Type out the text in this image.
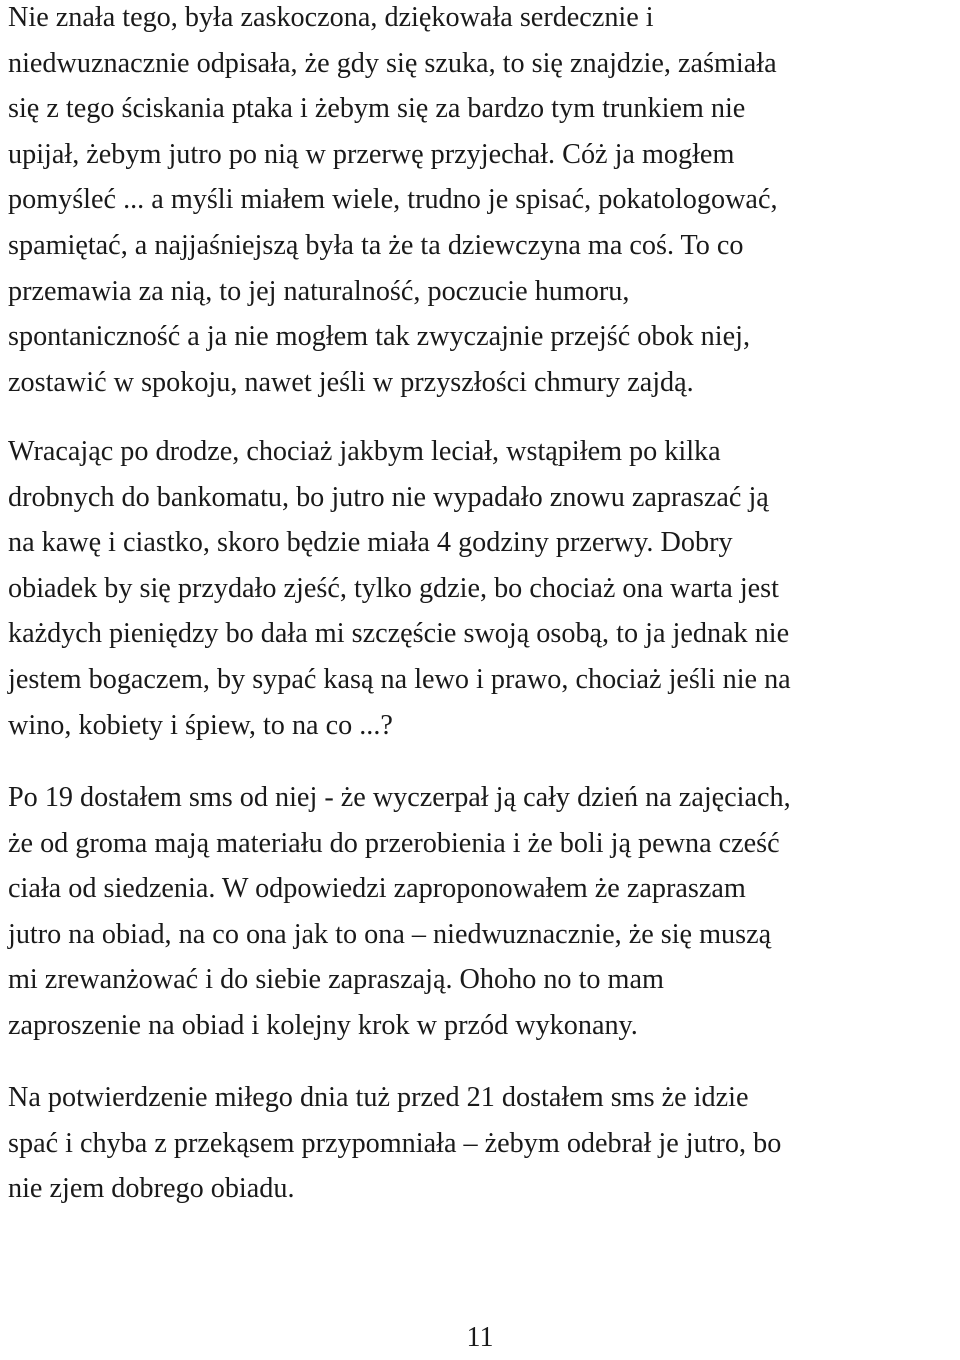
Nie znała tego, była zaskoczona, dziękowała serdecznie i
niedwuznacznie odpisała, że gdy się szuka, to się znajdzie, zaśmiała
się z tego ściskania ptaka i żebym się za bardzo tym trunkiem nie
upijał, żebym jutro po nią w przerwę przyjechał. Cóż ja mogłem
pomyśleć ... a myśli miałem wiele, trudno je spisać, pokatologować,
spamiętać, a najjaśniejszą była ta że ta dziewczyna ma coś. To co
przemawia za nią, to jej naturalność, poczucie humoru,
spontaniczność a ja nie mogłem tak zwyczajnie przejść obok niej,
zostawić w spokoju, nawet jeśli w przyszłości chmury zajdą.

Wracając po drodze, chociaż jakbym leciał, wstąpiłem po kilka
drobnych do bankomatu, bo jutro nie wypadało znowu zapraszać ją
na kawę i ciastko, skoro będzie miała 4 godziny przerwy. Dobry
obiadek by się przydało zjeść, tylko gdzie, bo chociaż ona warta jest
każdych pieniędzy bo dała mi szczęście swoją osobą, to ja jednak nie
jestem bogaczem, by sypać kasą na lewo i prawo, chociaż jeśli nie na
wino, kobiety i śpiew, to na co ...?

Po 19 dostałem sms od niej - że wyczerpał ją cały dzień na zajęciach,
że od groma mają materiału do przerobienia i że boli ją pewna cześć
ciała od siedzenia. W odpowiedzi zaproponowałem że zapraszam
jutro na obiad, na co ona jak to ona – niedwuznacznie, że się muszą
mi zrewanżować i do siebie zapraszają. Ohoho no to mam
zaproszenie na obiad i kolejny krok w przód wykonany.

Na potwierdzenie miłego dnia tuż przed 21 dostałem sms że idzie
spać i chyba z przekąsem przypomniała – żebym odebrał je jutro, bo
nie zjem dobrego obiadu.

11
